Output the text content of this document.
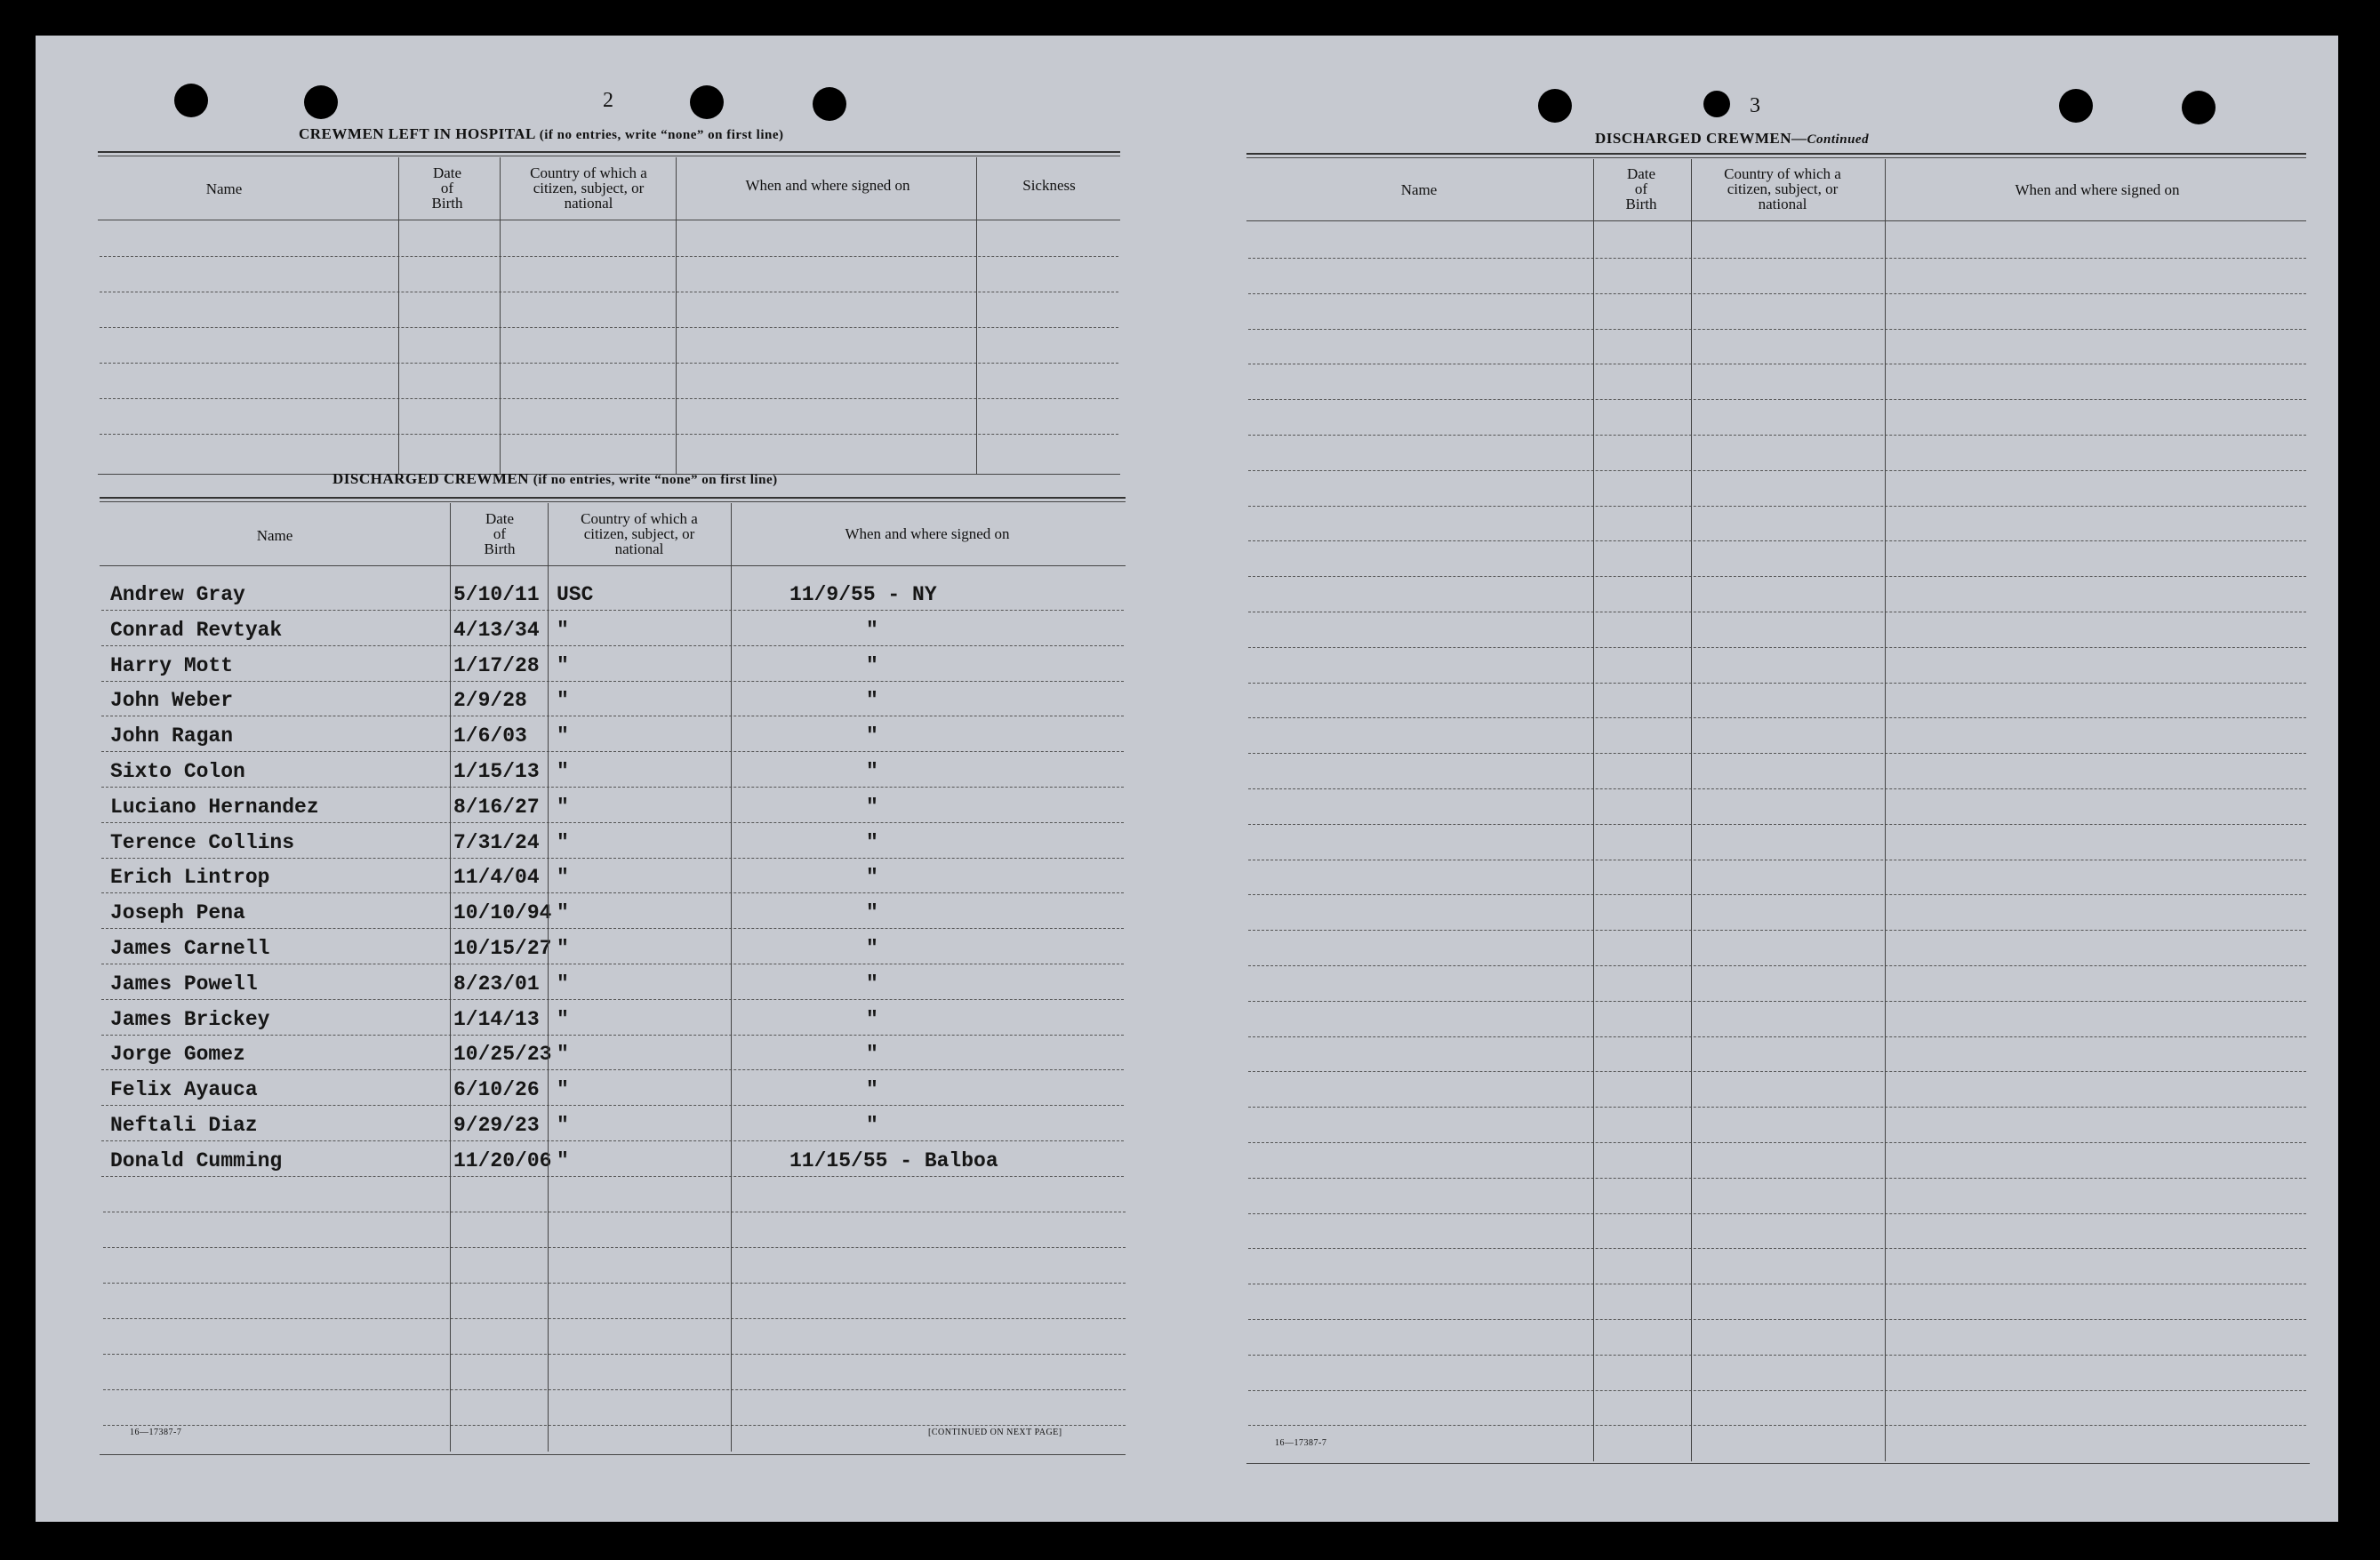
2
CREWMEN LEFT IN HOSPITAL (if no entries, write “none” on first line)
Name
Date
of
Birth
Country of which a
citizen, subject, or
national
When and where signed on	Sickness
DISCHARGED CREWMEN (if no entries, write “none” on first line)
Name
Date
of
Birth
Country of which a
citizen, subject, or
national
When and where signed on
Andrew Gray	5/10/11 USC	11/9/55 - NY
Conrad Revtyak	4/13/34 "	"
Harry Mott	1/17/28 "	"
John Weber	2/9/28 "	"
John Ragan	1/6/03 "	"
Sixto Colon	1/15/13 "	"
Luciano Hernandez	8/16/27 "	"
Terence Collins	7/31/24 "	"
Erich Lintrop	11/4/04 "	"
Joseph Pena	10/10/94 "	"
James Carnell	10/15/27 "	"
James Powell	8/23/01 "	"
James Brickey	1/14/13 "	"
Jorge Gomez	10/25/23 "	"
Felix Ayauca	6/10/26 "	"
Neftali Diaz	9/29/23 "	"
Donald Cumming	11/20/06 "	11/15/55 - Balboa
16—17387-7	[CONTINUED ON NEXT PAGE]
3
DISCHARGED CREWMEN—Continued
Name
Date
of
Birth
Country of which a
citizen, subject, or
national
When and where signed on
16—17387-7
